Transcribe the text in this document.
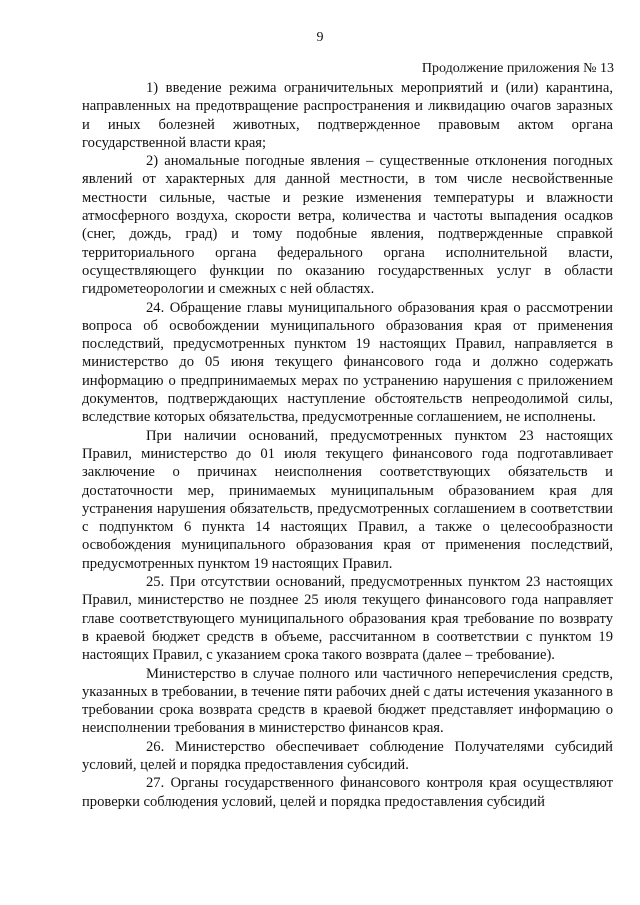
9
Продолжение приложения № 13

1) введение режима ограничительных мероприятий и (или) карантина, направленных на предотвращение распространения и ликвидацию очагов заразных и иных болезней животных, подтвержденное правовым актом органа государственной власти края;

2) аномальные погодные явления – существенные отклонения погодных явлений от характерных для данной местности, в том числе несвойственные местности сильные, частые и резкие изменения температуры и влажности атмосферного воздуха, скорости ветра, количества и частоты выпадения осадков (снег, дождь, град) и тому подобные явления, подтвержденные справкой территориального органа федерального органа исполнительной власти, осуществляющего функции по оказанию государственных услуг в области гидрометеорологии и смежных с ней областях.

24. Обращение главы муниципального образования края о рассмотрении вопроса об освобождении муниципального образования края от применения последствий, предусмотренных пунктом 19 настоящих Правил, направляется в министерство до 05 июня текущего финансового года и должно содержать информацию о предпринимаемых мерах по устранению нарушения с приложением документов, подтверждающих наступление обстоятельств непреодолимой силы, вследствие которых обязательства, предусмотренные соглашением, не исполнены.

При наличии оснований, предусмотренных пунктом 23 настоящих Правил, министерство до 01 июля текущего финансового года подготавливает заключение о причинах неисполнения соответствующих обязательств и достаточности мер, принимаемых муниципальным образованием края для устранения нарушения обязательств, предусмотренных соглашением в соответствии с подпунктом 6 пункта 14 настоящих Правил, а также о целесообразности освобождения муниципального образования края от применения последствий, предусмотренных пунктом 19 настоящих Правил.

25. При отсутствии оснований, предусмотренных пунктом 23 настоящих Правил, министерство не позднее 25 июля текущего финансового года направляет главе соответствующего муниципального образования края требование по возврату в краевой бюджет средств в объеме, рассчитанном в соответствии с пунктом 19 настоящих Правил, с указанием срока такого возврата (далее – требование).

Министерство в случае полного или частичного неперечисления средств, указанных в требовании, в течение пяти рабочих дней с даты истечения указанного в требовании срока возврата средств в краевой бюджет представляет информацию о неисполнении требования в министерство финансов края.

26. Министерство обеспечивает соблюдение Получателями субсидий условий, целей и порядка предоставления субсидий.

27. Органы государственного финансового контроля края осуществляют проверки соблюдения условий, целей и порядка предоставления субсидий
